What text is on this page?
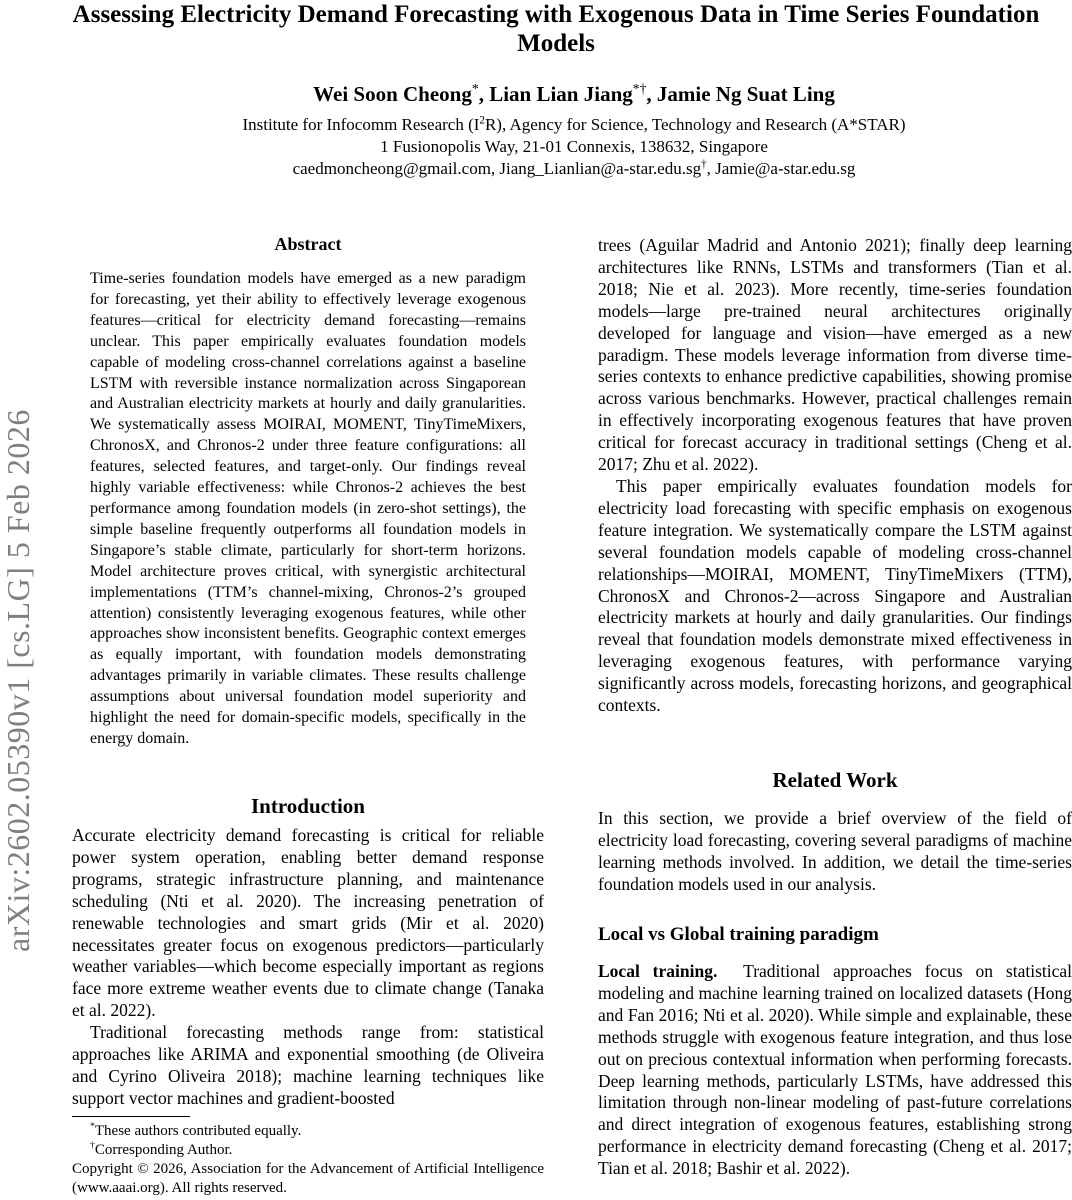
Assessing Electricity Demand Forecasting with Exogenous Data in Time Series Foundation Models
Wei Soon Cheong*, Lian Lian Jiang*†, Jamie Ng Suat Ling
Institute for Infocomm Research $(I^2R)$, Agency for Science, Technology and Research (A*STAR)
1 Fusionopolis Way, 21-01 Connexis, 138632, Singapore
caedmoncheong@gmail.com, Jiang_Lianlian@a-star.edu.sg†, Jamie@a-star.edu.sg
arXiv:2602.05390v1 [cs.LG] 5 Feb 2026
Abstract
Time-series foundation models have emerged as a new paradigm for forecasting, yet their ability to effectively leverage exogenous features—critical for electricity demand forecasting—remains unclear. This paper empirically evaluates foundation models capable of modeling cross-channel correlations against a baseline LSTM with reversible instance normalization across Singaporean and Australian electricity markets at hourly and daily granularities. We systematically assess MOIRAI, MOMENT, TinyTimeMixers, ChronosX, and Chronos-2 under three feature configurations: all features, selected features, and target-only. Our findings reveal highly variable effectiveness: while Chronos-2 achieves the best performance among foundation models (in zero-shot settings), the simple baseline frequently outperforms all foundation models in Singapore’s stable climate, particularly for short-term horizons. Model architecture proves critical, with synergistic architectural implementations (TTM’s channel-mixing, Chronos-2’s grouped attention) consistently leveraging exogenous features, while other approaches show inconsistent benefits. Geographic context emerges as equally important, with foundation models demonstrating advantages primarily in variable climates. These results challenge assumptions about universal foundation model superiority and highlight the need for domain-specific models, specifically in the energy domain.
Introduction

Accurate electricity demand forecasting is critical for reliable power system operation, enabling better demand response programs, strategic infrastructure planning, and maintenance scheduling (Nti et al. 2020). The increasing penetration of renewable technologies and smart grids (Mir et al. 2020) necessitates greater focus on exogenous predictors—particularly weather variables—which become especially important as regions face more extreme weather events due to climate change (Tanaka et al. 2022).

Traditional forecasting methods range from: statistical approaches like ARIMA and exponential smoothing (de Oliveira and Cyrino Oliveira 2018); machine learning techniques like support vector machines and gradient-boosted

*These authors contributed equally.

†Corresponding Author.

Copyright © 2026, Association for the Advancement of Artificial Intelligence (www.aaai.org). All rights reserved.

trees (Aguilar Madrid and Antonio 2021); finally deep learning architectures like RNNs, LSTMs and transformers (Tian et al. 2018; Nie et al. 2023). More recently, time-series foundation models—large pre-trained neural architectures originally developed for language and vision—have emerged as a new paradigm. These models leverage information from diverse time-series contexts to enhance predictive capabilities, showing promise across various benchmarks. However, practical challenges remain in effectively incorporating exogenous features that have proven critical for forecast accuracy in traditional settings (Cheng et al. 2017; Zhu et al. 2022).

This paper empirically evaluates foundation models for electricity load forecasting with specific emphasis on exogenous feature integration. We systematically compare the LSTM against several foundation models capable of modeling cross-channel relationships—MOIRAI, MOMENT, TinyTimeMixers (TTM), ChronosX and Chronos-2—across Singapore and Australian electricity markets at hourly and daily granularities. Our findings reveal that foundation models demonstrate mixed effectiveness in leveraging exogenous features, with performance varying significantly across models, forecasting horizons, and geographical contexts.

Related Work

In this section, we provide a brief overview of the field of electricity load forecasting, covering several paradigms of machine learning methods involved. In addition, we detail the time-series foundation models used in our analysis.

Local vs Global training paradigm

Local training. Traditional approaches focus on statistical modeling and machine learning trained on localized datasets (Hong and Fan 2016; Nti et al. 2020). While simple and explainable, these methods struggle with exogenous feature integration, and thus lose out on precious contextual information when performing forecasts. Deep learning methods, particularly LSTMs, have addressed this limitation through non-linear modeling of past-future correlations and direct integration of exogenous features, establishing strong performance in electricity demand forecasting (Cheng et al. 2017; Tian et al. 2018; Bashir et al. 2022).
